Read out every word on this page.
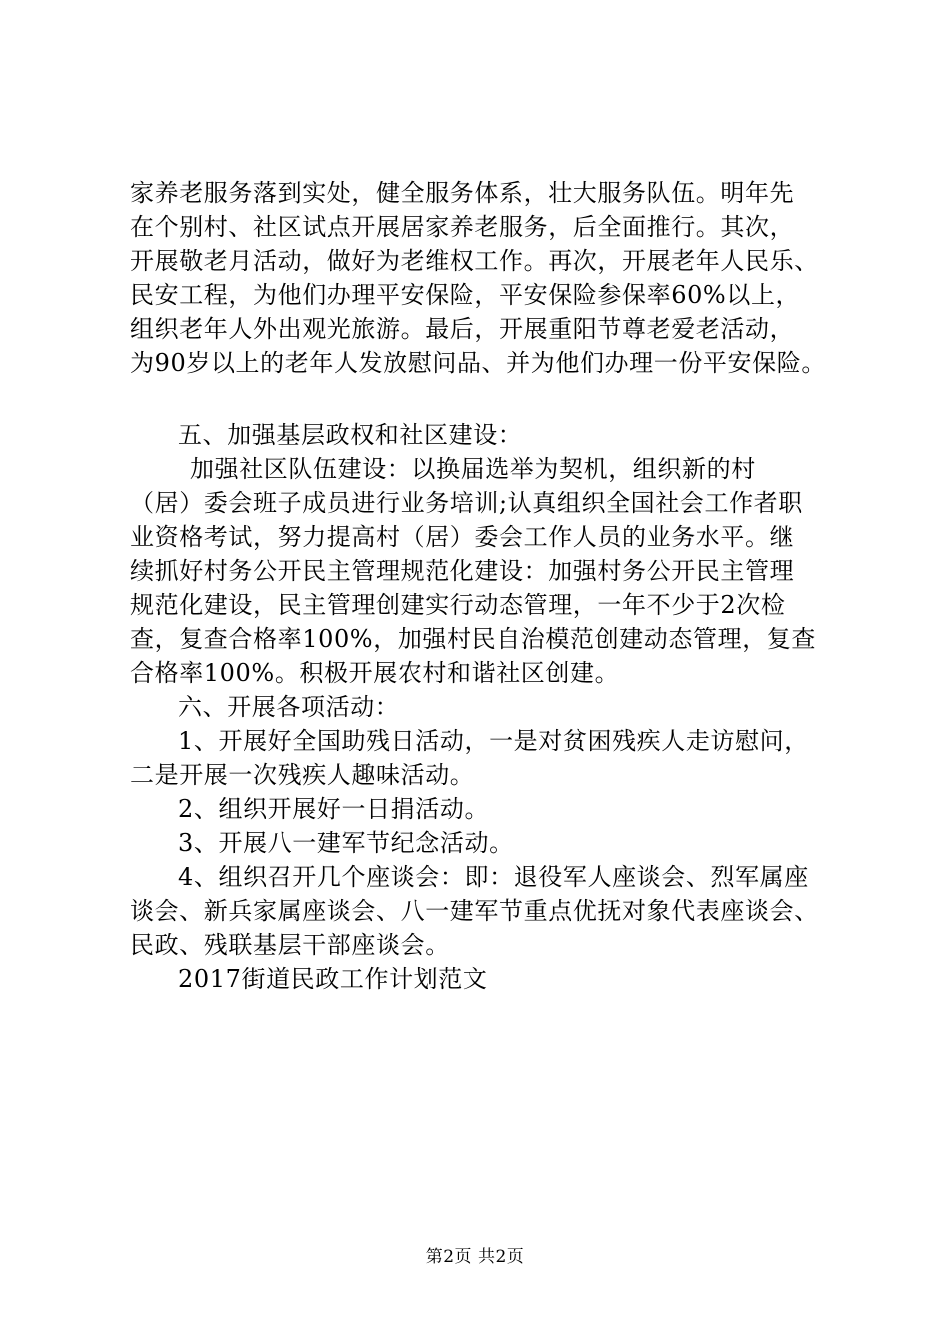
家养老服务落到实处，健全服务体系，壮大服务队伍。明年先
在个别村、社区试点开展居家养老服务，后全面推行。其次，
开展敬老月活动，做好为老维权工作。再次，开展老年人民乐、
民安工程，为他们办理平安保险，平安保险参保率60%以上，
组织老年人外出观光旅游。最后，开展重阳节尊老爱老活动，
为90岁以上的老年人发放慰问品、并为他们办理一份平安保险。
五、加强基层政权和社区建设：
加强社区队伍建设：以换届选举为契机，组织新的村
（居）委会班子成员进行业务培训;认真组织全国社会工作者职
业资格考试，努力提高村（居）委会工作人员的业务水平。继
续抓好村务公开民主管理规范化建设：加强村务公开民主管理
规范化建设，民主管理创建实行动态管理，一年不少于2次检
查，复查合格率100%，加强村民自治模范创建动态管理，复查
合格率100%。积极开展农村和谐社区创建。
六、开展各项活动：
1、开展好全国助残日活动，一是对贫困残疾人走访慰问，
二是开展一次残疾人趣味活动。
2、组织开展好一日捐活动。
3、开展八一建军节纪念活动。
4、组织召开几个座谈会：即：退役军人座谈会、烈军属座
谈会、新兵家属座谈会、八一建军节重点优抚对象代表座谈会、
民政、残联基层干部座谈会。
2017街道民政工作计划范文
第2页 共2页
